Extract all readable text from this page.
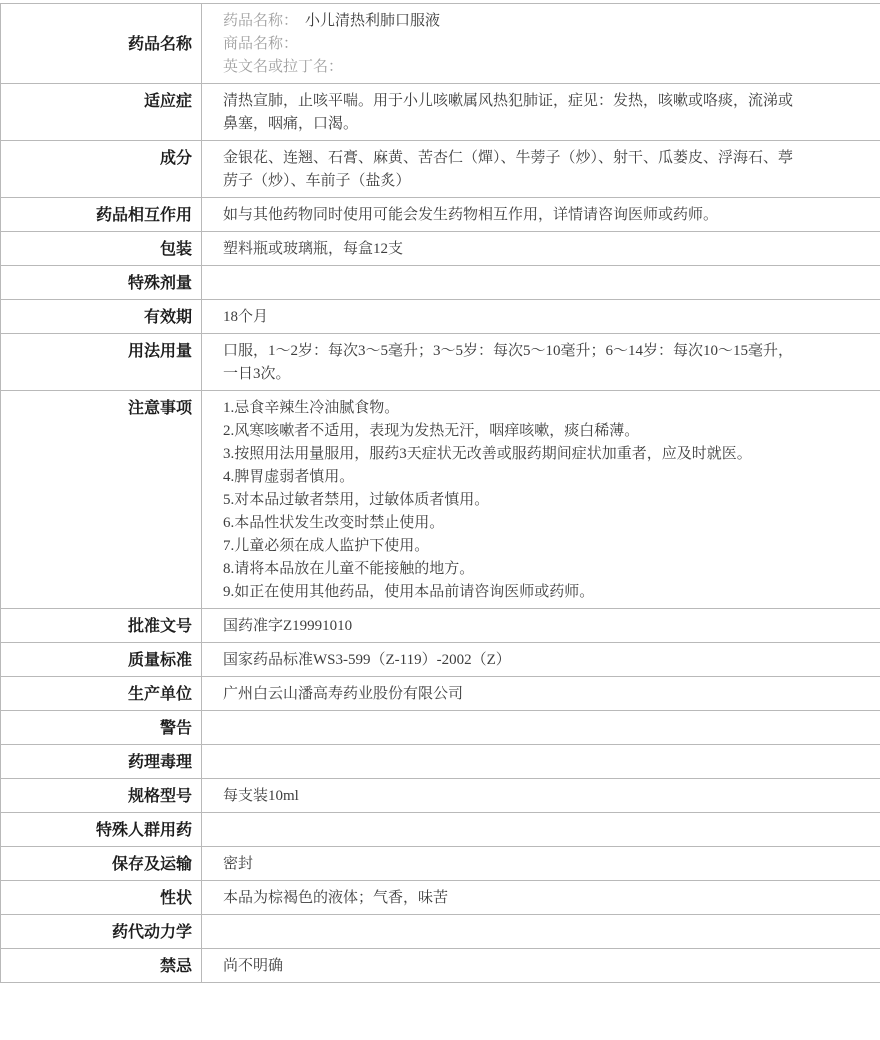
药品名称	药品名称： 小儿清热利肺口服液
商品名称：
英文名或拉丁名：

适应症	清热宣肺，止咳平喘。用于小儿咳嗽属风热犯肺证，症见：发热，咳嗽或咯痰，流涕或鼻塞，咽痛，口渴。

成分	金银花、连翘、石膏、麻黄、苦杏仁（燀）、牛蒡子（炒）、射干、瓜蒌皮、浮海石、葶苈子（炒）、车前子（盐炙）

药品相互作用	如与其他药物同时使用可能会发生药物相互作用，详情请咨询医师或药师。

包装	塑料瓶或玻璃瓶，每盒12支

特殊剂量	

有效期	18个月

用法用量	口服，1～2岁：每次3～5毫升；3～5岁：每次5～10毫升；6～14岁：每次10～15毫升，一日3次。

注意事项	1.忌食辛辣生冷油腻食物。
2.风寒咳嗽者不适用，表现为发热无汗，咽痒咳嗽，痰白稀薄。
3.按照用法用量服用，服药3天症状无改善或服药期间症状加重者，应及时就医。
4.脾胃虚弱者慎用。
5.对本品过敏者禁用，过敏体质者慎用。
6.本品性状发生改变时禁止使用。
7.儿童必须在成人监护下使用。
8.请将本品放在儿童不能接触的地方。
9.如正在使用其他药品，使用本品前请咨询医师或药师。

批准文号	国药准字Z19991010

质量标准	国家药品标准WS3-599（Z-119）-2002（Z）

生产单位	广州白云山潘高寿药业股份有限公司

警告	

药理毒理	

规格型号	每支装10ml

特殊人群用药	

保存及运输	密封

性状	本品为棕褐色的液体；气香，味苦

药代动力学	

禁忌	尚不明确
